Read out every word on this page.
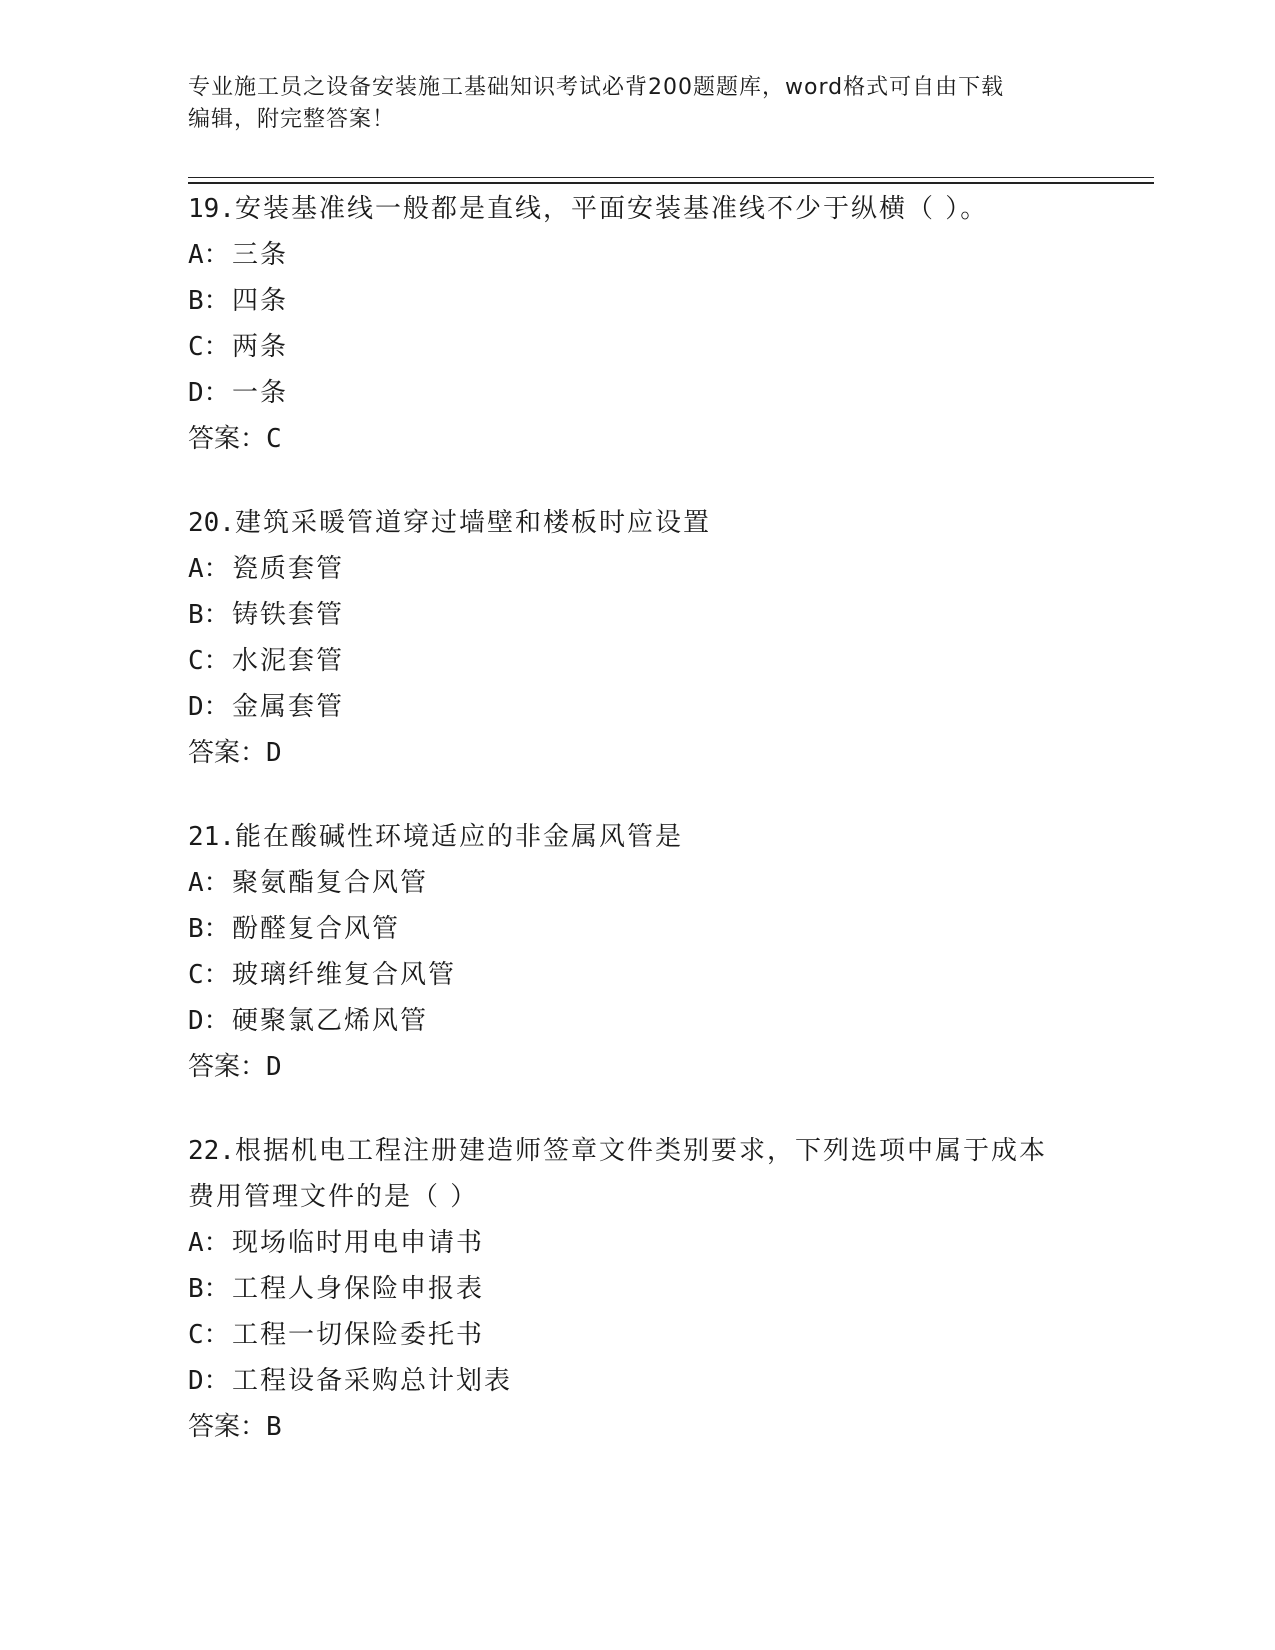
专业施工员之设备安装施工基础知识考试必背200题题库，word格式可自由下载
编辑，附完整答案！
19.安装基准线一般都是直线，平面安装基准线不少于纵横（ ）。
A：三条
B：四条
C：两条
D：一条
答案：C
20.建筑采暖管道穿过墙壁和楼板时应设置
A：瓷质套管
B：铸铁套管
C：水泥套管
D：金属套管
答案：D
21.能在酸碱性环境适应的非金属风管是
A：聚氨酯复合风管
B：酚醛复合风管
C：玻璃纤维复合风管
D：硬聚氯乙烯风管
答案：D
22.根据机电工程注册建造师签章文件类别要求，下列选项中属于成本
费用管理文件的是（ ）
A：现场临时用电申请书
B：工程人身保险申报表
C：工程一切保险委托书
D：工程设备采购总计划表
答案：B
